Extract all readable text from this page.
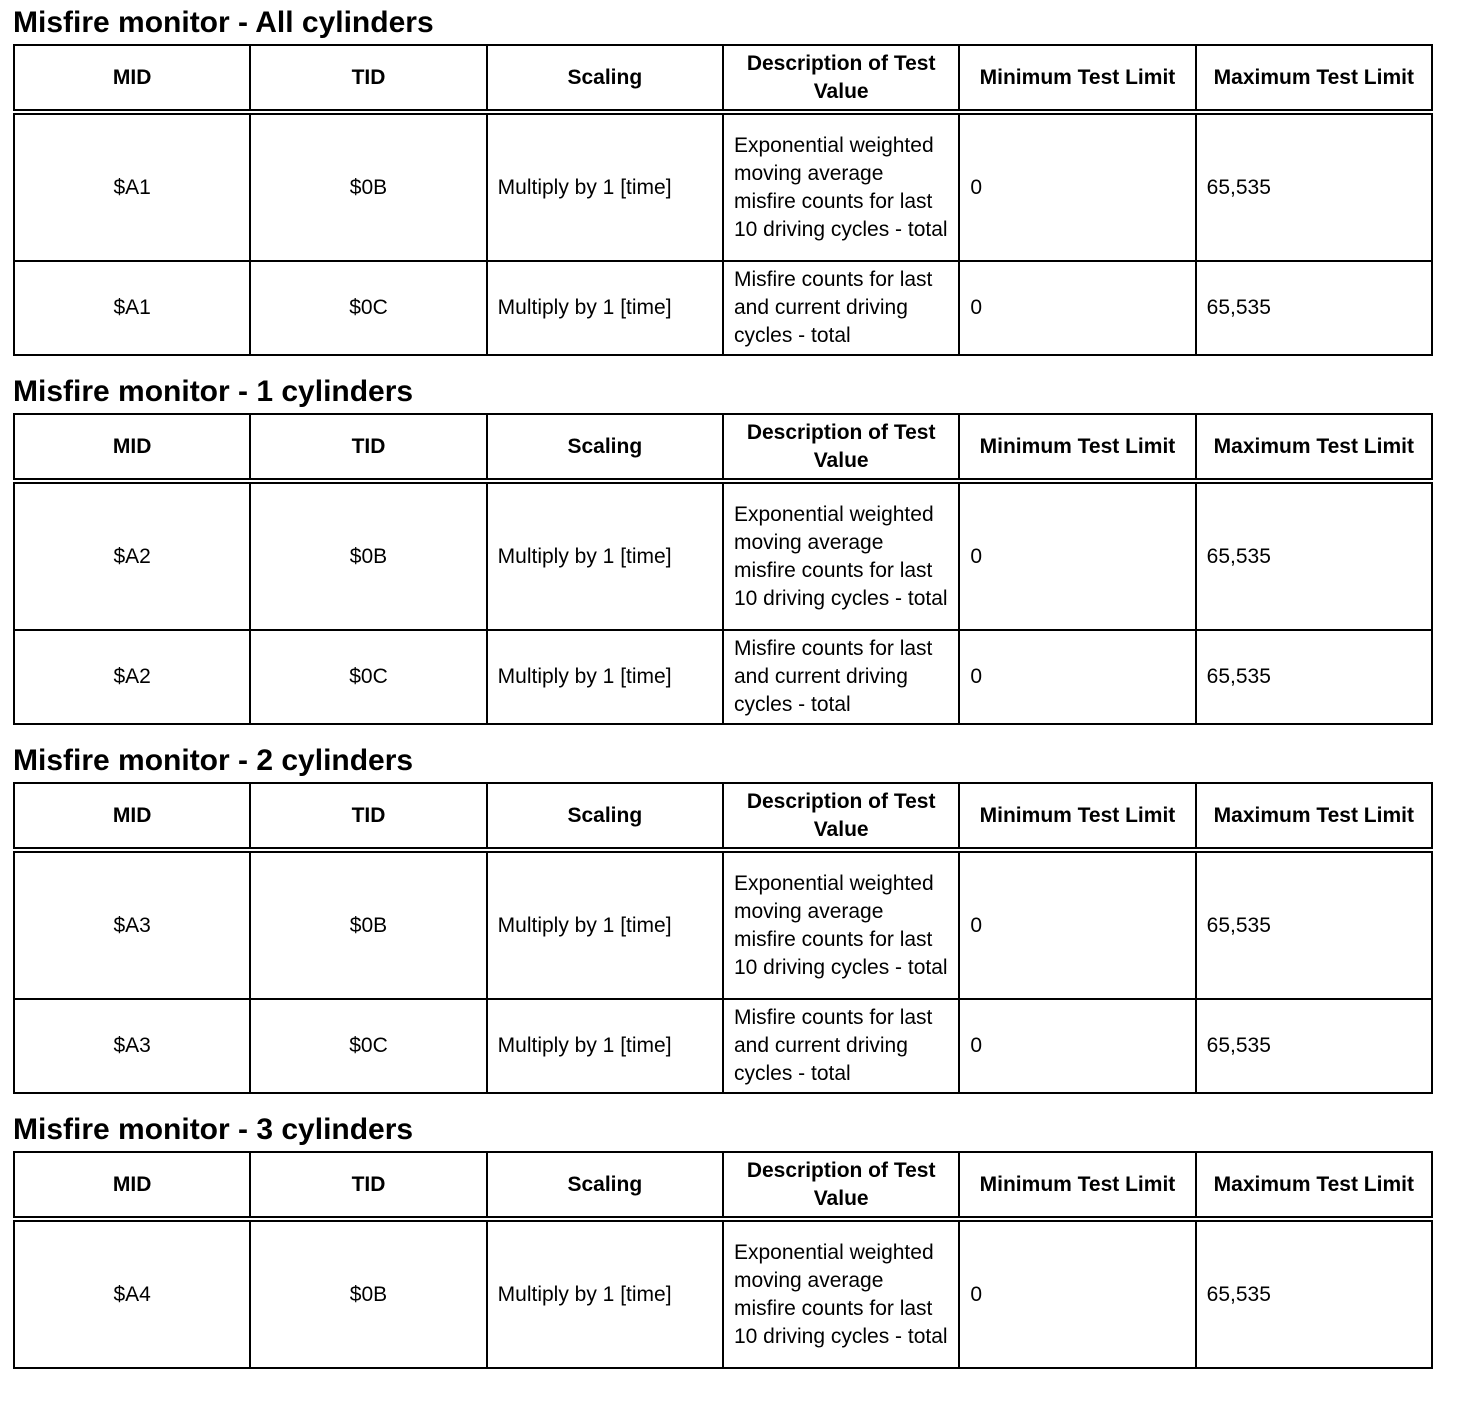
Misfire monitor - All cylinders
MID	TID	Scaling	Description of Test Value	Minimum Test Limit	Maximum Test Limit
$A1	$0B	Multiply by 1 [time]	Exponential weighted moving average misfire counts for last 10 driving cycles - total	0	65,535
$A1	$0C	Multiply by 1 [time]	Misfire counts for last and current driving cycles - total	0	65,535
Misfire monitor - 1 cylinders
MID	TID	Scaling	Description of Test Value	Minimum Test Limit	Maximum Test Limit
$A2	$0B	Multiply by 1 [time]	Exponential weighted moving average misfire counts for last 10 driving cycles - total	0	65,535
$A2	$0C	Multiply by 1 [time]	Misfire counts for last and current driving cycles - total	0	65,535
Misfire monitor - 2 cylinders
MID	TID	Scaling	Description of Test Value	Minimum Test Limit	Maximum Test Limit
$A3	$0B	Multiply by 1 [time]	Exponential weighted moving average misfire counts for last 10 driving cycles - total	0	65,535
$A3	$0C	Multiply by 1 [time]	Misfire counts for last and current driving cycles - total	0	65,535
Misfire monitor - 3 cylinders
MID	TID	Scaling	Description of Test Value	Minimum Test Limit	Maximum Test Limit
$A4	$0B	Multiply by 1 [time]	Exponential weighted moving average misfire counts for last 10 driving cycles - total	0	65,535
